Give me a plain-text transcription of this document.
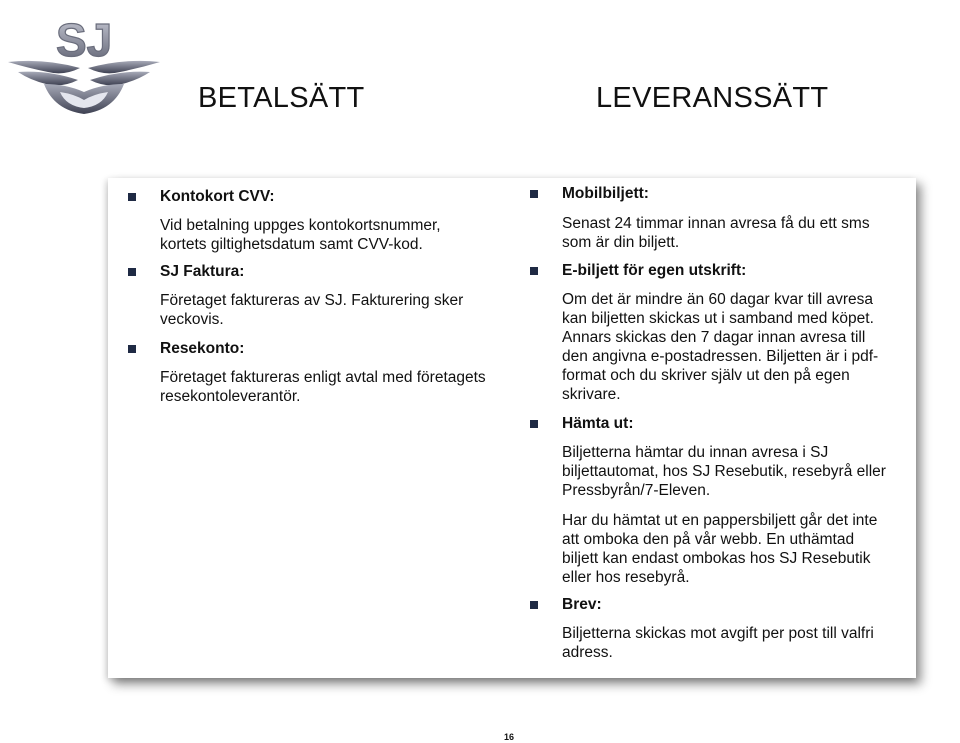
SJ
BETALSÄTT	LEVERANSSÄTT
Kontokort CVV:
Vid betalning uppges kontokortsnummer,
kortets giltighetsdatum samt CVV-kod.
SJ Faktura:
Företaget faktureras av SJ. Fakturering sker
veckovis.
Resekonto:
Företaget faktureras enligt avtal med företagets
resekontoleverantör.
Mobilbiljett:
Senast 24 timmar innan avresa få du ett sms
som är din biljett.
E-biljett för egen utskrift:
Om det är mindre än 60 dagar kvar till avresa
kan biljetten skickas ut i samband med köpet.
Annars skickas den 7 dagar innan avresa till
den angivna e-postadressen. Biljetten är i pdf-
format och du skriver själv ut den på egen
skrivare.
Hämta ut:
Biljetterna hämtar du innan avresa i SJ
biljettautomat, hos SJ Resebutik, resebyrå eller
Pressbyrån/7-Eleven.
Har du hämtat ut en pappersbiljett går det inte
att omboka den på vår webb. En uthämtad
biljett kan endast ombokas hos SJ Resebutik
eller hos resebyrå.
Brev:
Biljetterna skickas mot avgift per post till valfri
adress.
16
